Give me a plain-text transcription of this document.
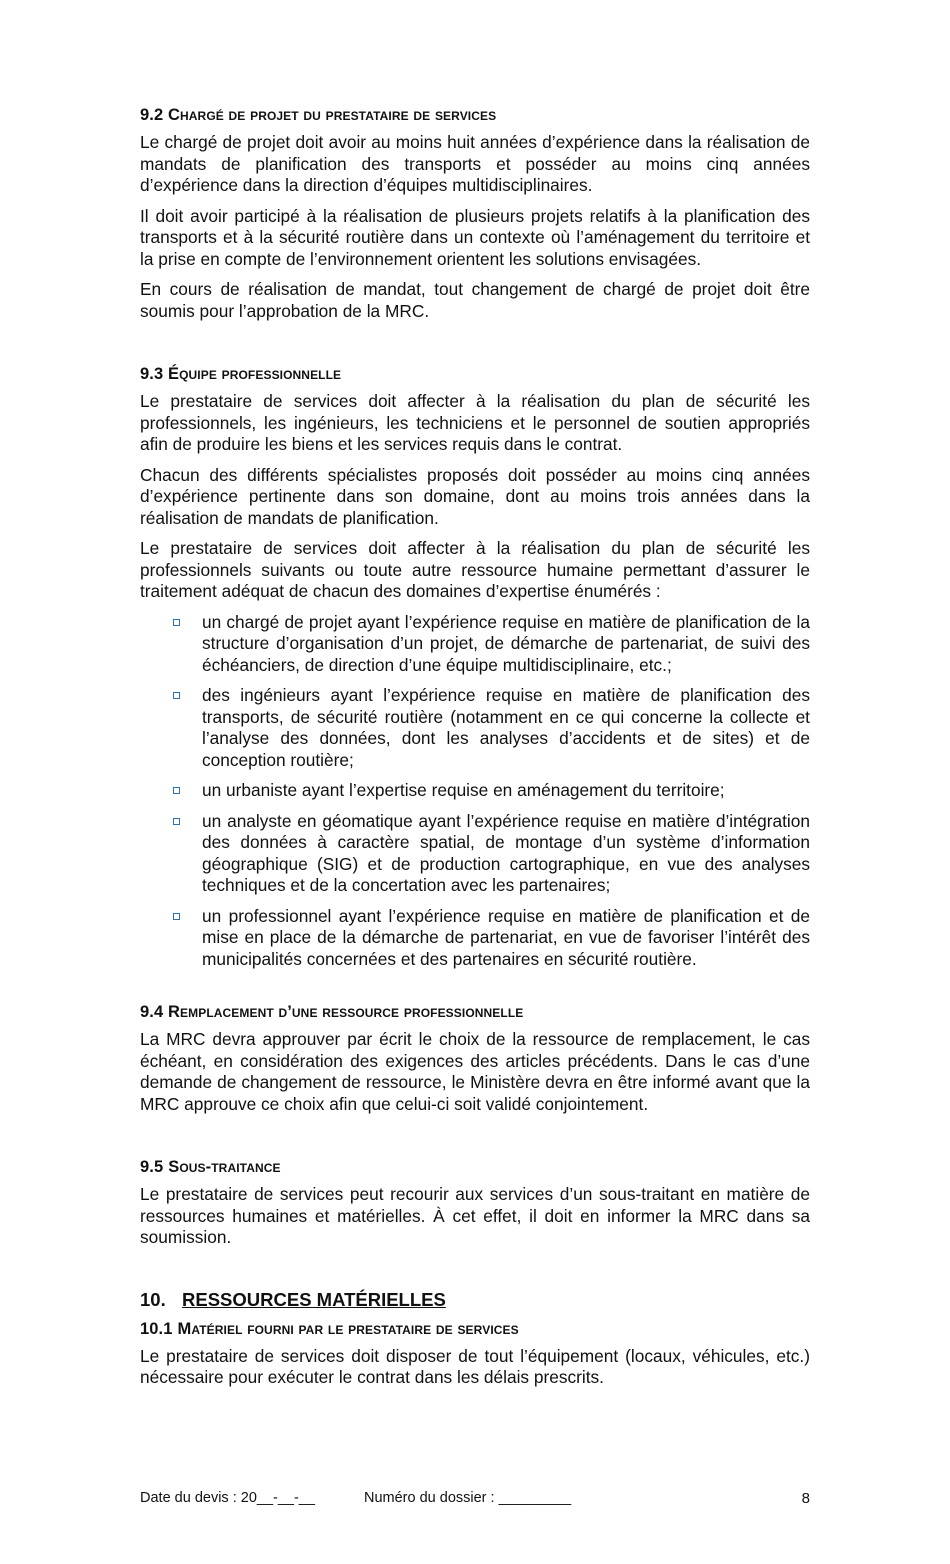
9.2 Chargé de projet du prestataire de services

Le chargé de projet doit avoir au moins huit années d’expérience dans la réalisation de mandats de planification des transports et posséder au moins cinq années d’expérience dans la direction d’équipes multidisciplinaires.

Il doit avoir participé à la réalisation de plusieurs projets relatifs à la planification des transports et à la sécurité routière dans un contexte où l’aménagement du territoire et la prise en compte de l’environnement orientent les solutions envisagées.

En cours de réalisation de mandat, tout changement de chargé de projet doit être soumis pour l’approbation de la MRC.

9.3 Équipe professionnelle

Le prestataire de services doit affecter à la réalisation du plan de sécurité les professionnels, les ingénieurs, les techniciens et le personnel de soutien appropriés afin de produire les biens et les services requis dans le contrat.

Chacun des différents spécialistes proposés doit posséder au moins cinq années d’expérience pertinente dans son domaine, dont au moins trois années dans la réalisation de mandats de planification.

Le prestataire de services doit affecter à la réalisation du plan de sécurité les professionnels suivants ou toute autre ressource humaine permettant d’assurer le traitement adéquat de chacun des domaines d’expertise énumérés :

un chargé de projet ayant l’expérience requise en matière de planification de la structure d’organisation d’un projet, de démarche de partenariat, de suivi des échéanciers, de direction d’une équipe multidisciplinaire, etc.;
des ingénieurs ayant l’expérience requise en matière de planification des transports, de sécurité routière (notamment en ce qui concerne la collecte et l’analyse des données, dont les analyses d’accidents et de sites) et de conception routière;
un urbaniste ayant l’expertise requise en aménagement du territoire;
un analyste en géomatique ayant l’expérience requise en matière d’intégration des données à caractère spatial, de montage d’un système d’information géographique (SIG) et de production cartographique, en vue des analyses techniques et de la concertation avec les partenaires;
un professionnel ayant l’expérience requise en matière de planification et de mise en place de la démarche de partenariat, en vue de favoriser l’intérêt des municipalités concernées et des partenaires en sécurité routière.
9.4 Remplacement d’une ressource professionnelle

La MRC devra approuver par écrit le choix de la ressource de remplacement, le cas échéant, en considération des exigences des articles précédents. Dans le cas d’une demande de changement de ressource, le Ministère devra en être informé avant que la MRC approuve ce choix afin que celui-ci soit validé conjointement.

9.5 Sous-traitance

Le prestataire de services peut recourir aux services d’un sous-traitant en matière de ressources humaines et matérielles. À cet effet, il doit en informer la MRC dans sa soumission.

10. RESSOURCES MATÉRIELLES
10.1 Matériel fourni par le prestataire de services

Le prestataire de services doit disposer de tout l’équipement (locaux, véhicules, etc.) nécessaire pour exécuter le contrat dans les délais prescrits.

Date du devis : 20__-__-__	Numéro du dossier : _________	8
